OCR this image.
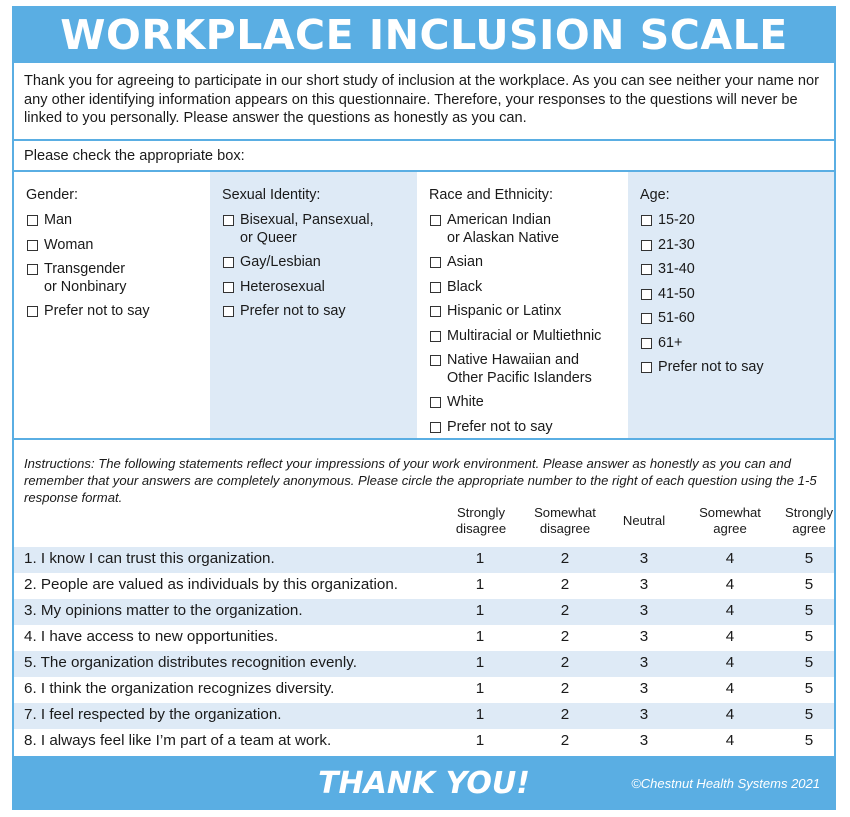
WORKPLACE INCLUSION SCALE
Thank you for agreeing to participate in our short study of inclusion at the workplace. As you can see neither your name nor any other identifying information appears on this questionnaire. Therefore, your responses to the questions will never be linked to you personally. Please answer the questions as honestly as you can.
Please check the appropriate box:
Gender:
Man
Woman
Transgender
or Nonbinary
Prefer not to say
Sexual Identity:
Bisexual, Pansexual,
or Queer
Gay/Lesbian
Heterosexual
Prefer not to say
Race and Ethnicity:
American Indian
or Alaskan Native
Asian
Black
Hispanic or Latinx
Multiracial or Multiethnic
Native Hawaiian and
Other Pacific Islanders
White
Prefer not to say
Age:
15-20
21-30
31-40
41-50
51-60
61+
Prefer not to say
Instructions: The following statements reflect your impressions of your work environment. Please answer as honestly as you can and remember that your answers are completely anonymous. Please circle the appropriate number to the right of each question using the 1-5 response format.
Strongly
disagree
Somewhat
disagree
Neutral
Somewhat
agree
Strongly
agree
1. I know I can trust this organization.	1	2	3	4	5
2. People are valued as individuals by this organization.	1	2	3	4	5
3. My opinions matter to the organization.	1	2	3	4	5
4. I have access to new opportunities.	1	2	3	4	5
5. The organization distributes recognition evenly.	1	2	3	4	5
6. I think the organization recognizes diversity.	1	2	3	4	5
7. I feel respected by the organization.	1	2	3	4	5
8. I always feel like I’m part of a team at work.	1	2	3	4	5
THANK YOU!	©Chestnut Health Systems 2021
